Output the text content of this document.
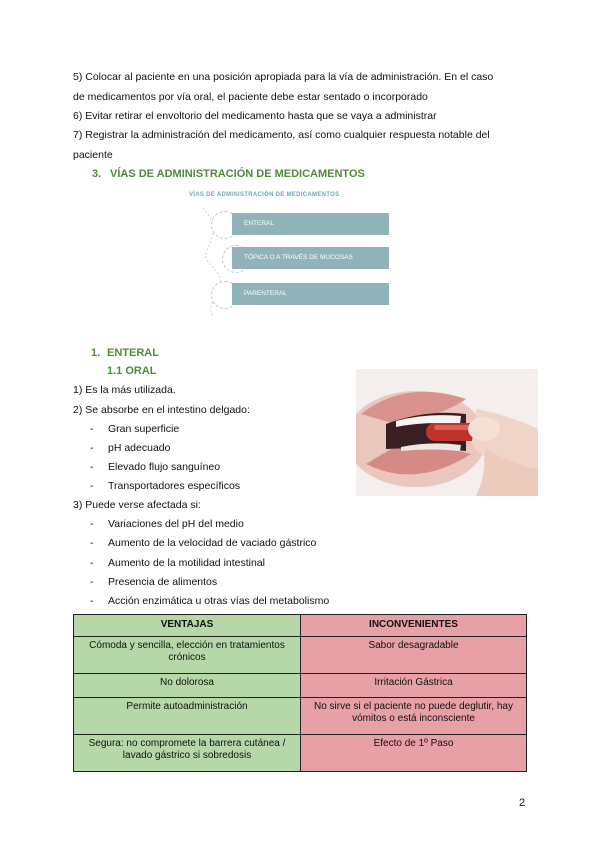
5) Colocar al paciente en una posición apropiada para la vía de administración. En el caso
de medicamentos por vía oral, el paciente debe estar sentado o incorporado
6) Evitar retirar el envoltorio del medicamento hasta que se vaya a administrar
7) Registrar la administración del medicamento, así como cualquier respuesta notable del
paciente
3. VÍAS DE ADMINISTRACIÓN DE MEDICAMENTOS
VÍAS DE ADMINISTRACIÓN DE MEDICAMENTOS
ENTERAL
TÓPICA O A TRAVÉS DE MUCOSAS
PARENTERAL
1. ENTERAL
1.1 ORAL
1) Es la más utilizada.
2) Se absorbe en el intestino delgado:
- Gran superficie
- pH adecuado
- Elevado flujo sanguíneo
- Transportadores específicos
3) Puede verse afectada si:
- Variaciones del pH del medio
- Aumento de la velocidad de vaciado gástrico
- Aumento de la motilidad intestinal
- Presencia de alimentos
- Acción enzimática u otras vías del metabolismo
VENTAJAS	INCONVENIENTES
Cómoda y sencilla, elección en tratamientos crónicos	Sabor desagradable
No dolorosa	Irritación Gástrica
Permite autoadministración	No sirve si el paciente no puede deglutir, hay vómitos o está inconsciente
Segura: no compromete la barrera cutánea / lavado gástrico si sobredosis	Efecto de 1º Paso
2
